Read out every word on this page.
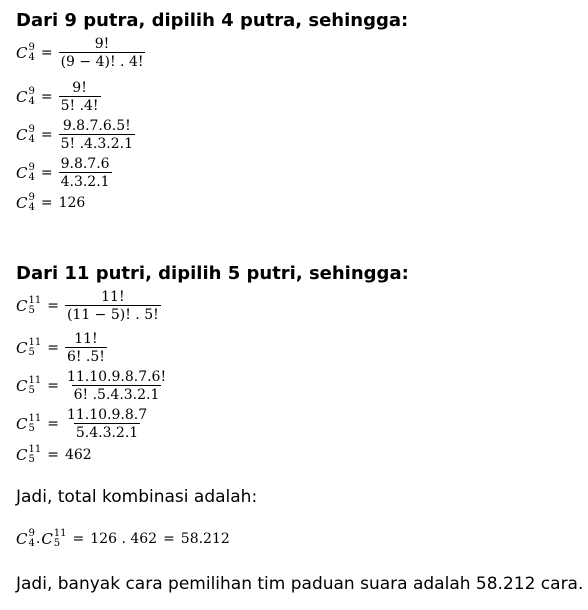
Dari 9 putra, dipilih 4 putra, sehingga:
C 9
$4 = \frac{9!}{(9 - 4)! . 4!}$
C 9
$4 = \frac{9!}{5! .4!}$
C 9
$4 = \frac{9.8.7.6.5!}{5! .4.3.2.1}$
C 9
$4 = \frac{9.8.7.6}{4.3.2.1}$
C 9
4 = 126
Dari 11 putri, dipilih 5 putri, sehingga:
C 11
$5 = \frac{11!}{(11 - 5)! . 5!}$
C 11
$5 = \frac{11!}{6! .5!}$
C 11
$5 = \frac{11.10.9.8.7.6!}{6! .5.4.3.2.1}$
C 11
$5 = \frac{11.10.9.8.7}{5.4.3.2.1}$
C 11
5 = 462
Jadi, total kombinasi adalah:
C 9
4 . C 11
5 = 126 . 462 = 58.212
Jadi, banyak cara pemilihan tim paduan suara adalah 58.212 cara.
